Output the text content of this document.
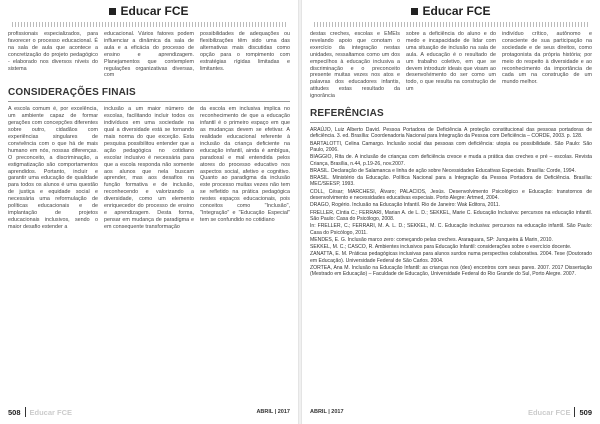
Educar FCE

profissionais especializados, para favorecer o processo educacional. É na sala de aula que acontece a concretização do projeto pedagógico - elaborado nos diversos níveis do sistema

educacional. Vários fatores podem influenciar a dinâmica da sala de aula e a eficácia do processo de ensino e aprendizagem. Planejamentos que contemplem regulações organizativas diversas, com

possibilidades de adequações ou flexibilizações têm sido uma das alternativas mais discutidas como opção para o rompimento com estratégias rígidas limitadas e limitantes.

CONSIDERAÇÕES FINAIS

A escola comum é, por excelência, um ambiente capaz de formar gerações com concepções diferentes sobre outro, cidadãos com experiências singulares de convivência com o que há de mais humano em nós, nossas diferenças. O preconceito, a discriminação, a estigmatização são comportamentos aprendidos. Portanto, incluir e garantir uma educação de qualidade para todos os alunos é uma questão de justiça e equidade social e necessária uma reformulação de políticas educacionais e de implantação de projetos educacionais inclusivos, sendo o maior desafio estender a

inclusão a um maior número de escolas, facilitando incluir todos os indivíduos em uma sociedade na qual a diversidade está se tornando mais norma do que exceção. Esta pesquisa possibilitou entender que a ação pedagógica no cotidiano escolar inclusivo é necessária para que a escola responda não somente aos alunos que nela buscam aprender, mas aos desafios na função formativa e de inclusão, reconhecendo e valorizando a diversidade, como um elemento enriquecedor do processo de ensino e aprendizagem. Desta forma, pensar em mudança de paradigma e em consequente transformação

da escola em inclusiva implica no reconhecimento de que a educação infantil é o primeiro espaço em que as mudanças devem se efetivar. A realidade educacional referente à inclusão da criança deficiente na educação infantil, ainda é ambígua, paradoxal e mal entendida pelos atores do processo educativo nos aspectos social, afetivo e cognitivo. Quanto ao paradigma da inclusão este processo muitas vezes não tem se refletido na prática pedagógica nestes espaços educacionais, pois conceitos como "Inclusão", "Integração" e "Educação Especial" tem se confundido no cotidiano

508 Educar FCE	ABRIL | 2017
Educar FCE

destas creches, escolas e EMEIs revelando apoio que conotam o exercício da integração nestas unidades, ressaltamos como um dos empecilhos à educação inclusiva a discriminação e o preconceito presente muitas vezes nos atos e palavras dos educadores infantis, atitudes estas resultado da ignorância

sobre a deficiência do aluno e do medo e incapacidade de lidar com uma situação de inclusão na sala de aula. A educação é o resultado de um trabalho coletivo, em que se devem introduzir ideais que visam ao desenvolvimento do ser como um todo, o que resulta na construção de um

indivíduo crítico, autônomo e consciente de sua participação na sociedade e de seus direitos, como protagonista da própria história; por meio do respeito à diversidade e ao reconhecimento da importância de cada um na construção de um mundo melhor.

REFERÊNCIAS

ARAÚJO, Luiz Alberto David. Pessoa Portadora de Deficiência A proteção constitucional das pessoas portadoras de deficiência. 3. ed. Brasília: Coordenadoria Nacional para Integração da Pessoa com Deficiência – CORDE, 2003. p. 128.

BARTALOTTI, Celina Camargo. Inclusão social das pessoas com deficiência: utopia ou possibilidade. São Paulo: São Paulo, 2006.

BIAGGIO, Rita de. A inclusão de crianças com deficiência cresce e muda a prática das creches e pré – escolas. Revista Criança, Brasília, n.44, p.19-26, nov.2007.

BRASIL. Declaração de Salamanca e linha de ação sobre Necessidades Educativas Especiais. Brasília: Corde, 1994.

BRASIL. Ministério da Educação. Política Nacional para a Integração da Pessoa Portadora de Deficiência. Brasília: MEC/SEESP, 1993.

COLL, César; MARCHESI, Álvaro; PALACIOS, Jesús. Desenvolvimento Psicológico e Educação: transtornos de desenvolvimento e necessidades educativas especiais. Porto Alegre: Artmed, 2004.

DRAGO, Rogério. Inclusão na Educação Infantil. Rio de Janeiro: Wak Editora, 2011.

FRELLER, Cíntia C.; FERRARI, Marian A. de L. D.; SEKKEL, Marie C. Educação Inclusiva: percursos na educação infantil. São Paulo: Casa do Psicólogo, 2008.

In: FRELLER, C.; FERRARI, M. A. L. D.; SEKKEL, M. C. Educação inclusiva: percursos na educação infantil. São Paulo: Casa do Psicólogo, 2011.

MENDES, E. G. Inclusão marco zero: começando pelas creches. Araraquara, SP: Junqueira & Marin, 2010.

SEKKEL, M. C.; CASCO, R. Ambientes inclusivos para Educação Infantil: considerações sobre o exercício docente.

ZANATTA, E. M. Práticas pedagógicas inclusivas para alunos surdos numa perspectiva colaborativa. 2004. Tese (Doutorado em Educação). Universidade Federal de São Carlos. 2004.

ZORTEA, Ana M. Inclusão na Educação Infantil: as crianças nos (des) encontros com seus pares. 2007. 2017 Dissertação (Mestrado em Educação) – Faculdade de Educação, Universidade Federal do Rio Grande do Sul, Porto Alegre. 2007.

ABRIL | 2017	Educar FCE 509
